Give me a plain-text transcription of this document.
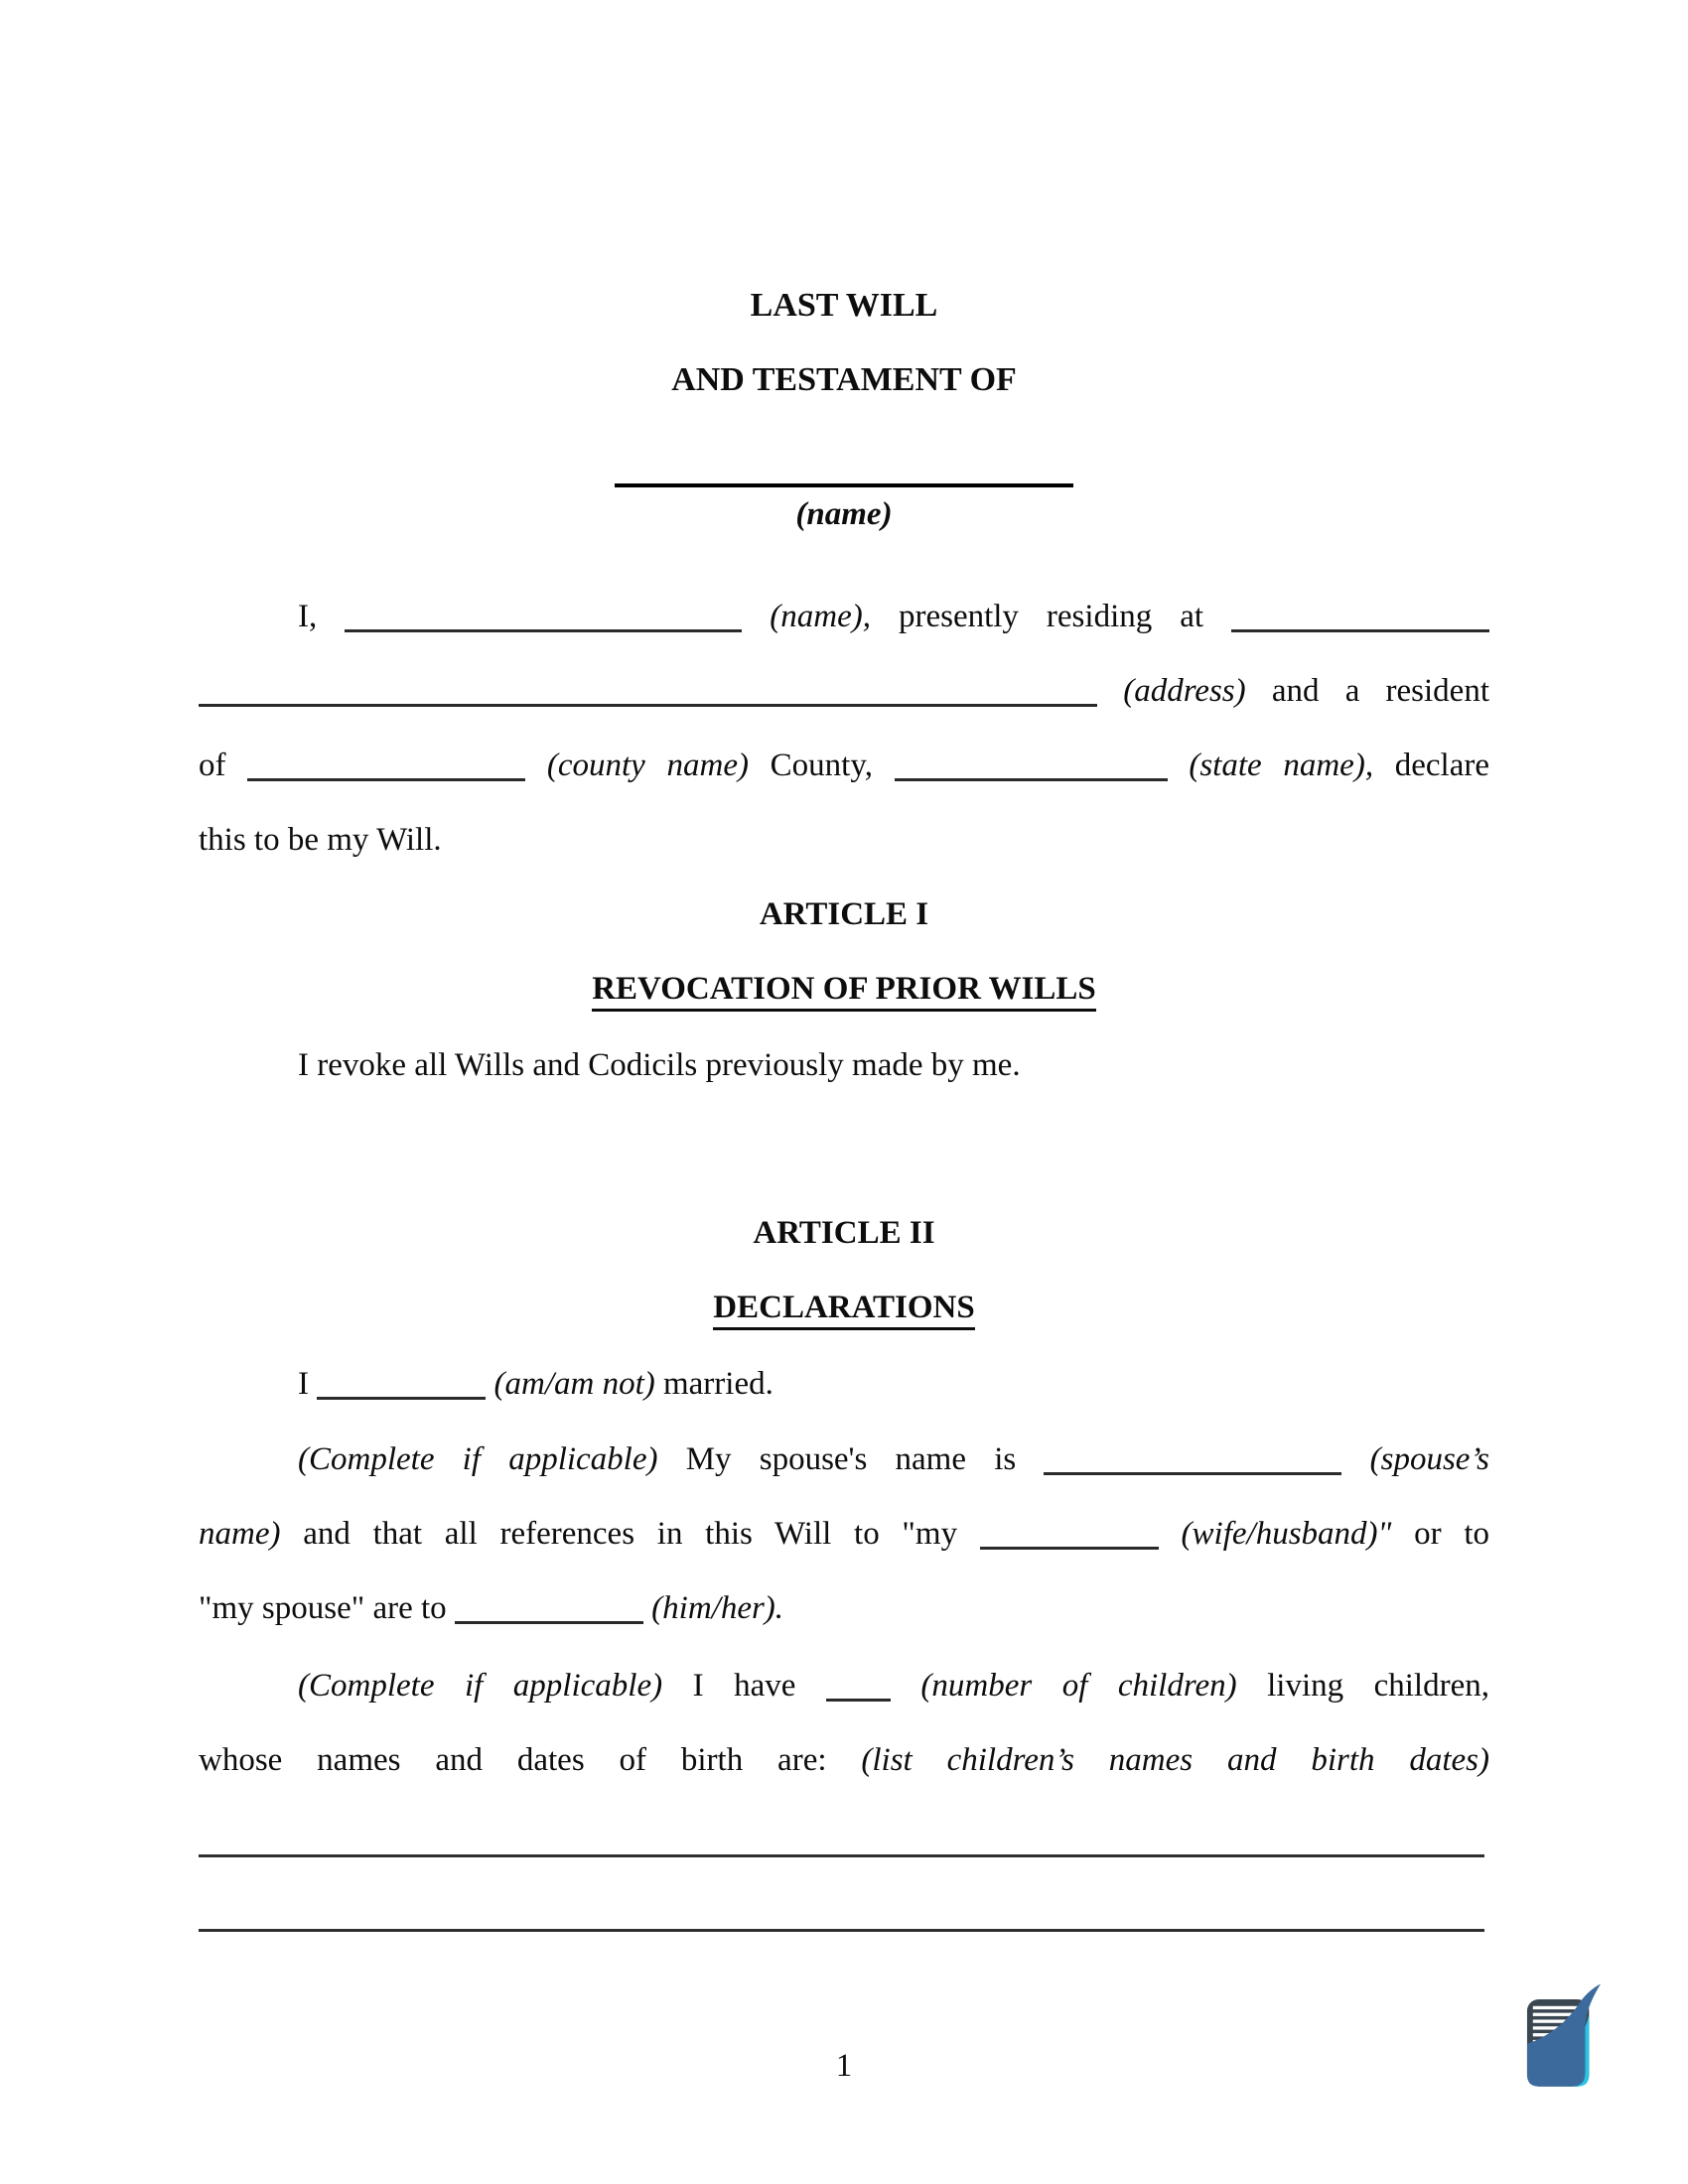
LAST WILL
AND TESTAMENT OF
(name)
I,	(name), presently residing at
(address) and a resident
of	(county name) County,	(state name), declare
this to be my Will.
ARTICLE I
REVOCATION OF PRIOR WILLS
I revoke all Wills and Codicils previously made by me.
ARTICLE II
DECLARATIONS
I	(am/am not) married.
(Complete if applicable) My spouse's name is	(spouse’s
name) and that all references in this Will to "my	(wife/husband)" or to
"my spouse" are to	(him/her).
(Complete if applicable) I have	(number of children) living children,
whose names and dates of birth are: (list children’s names and birth dates)
1
